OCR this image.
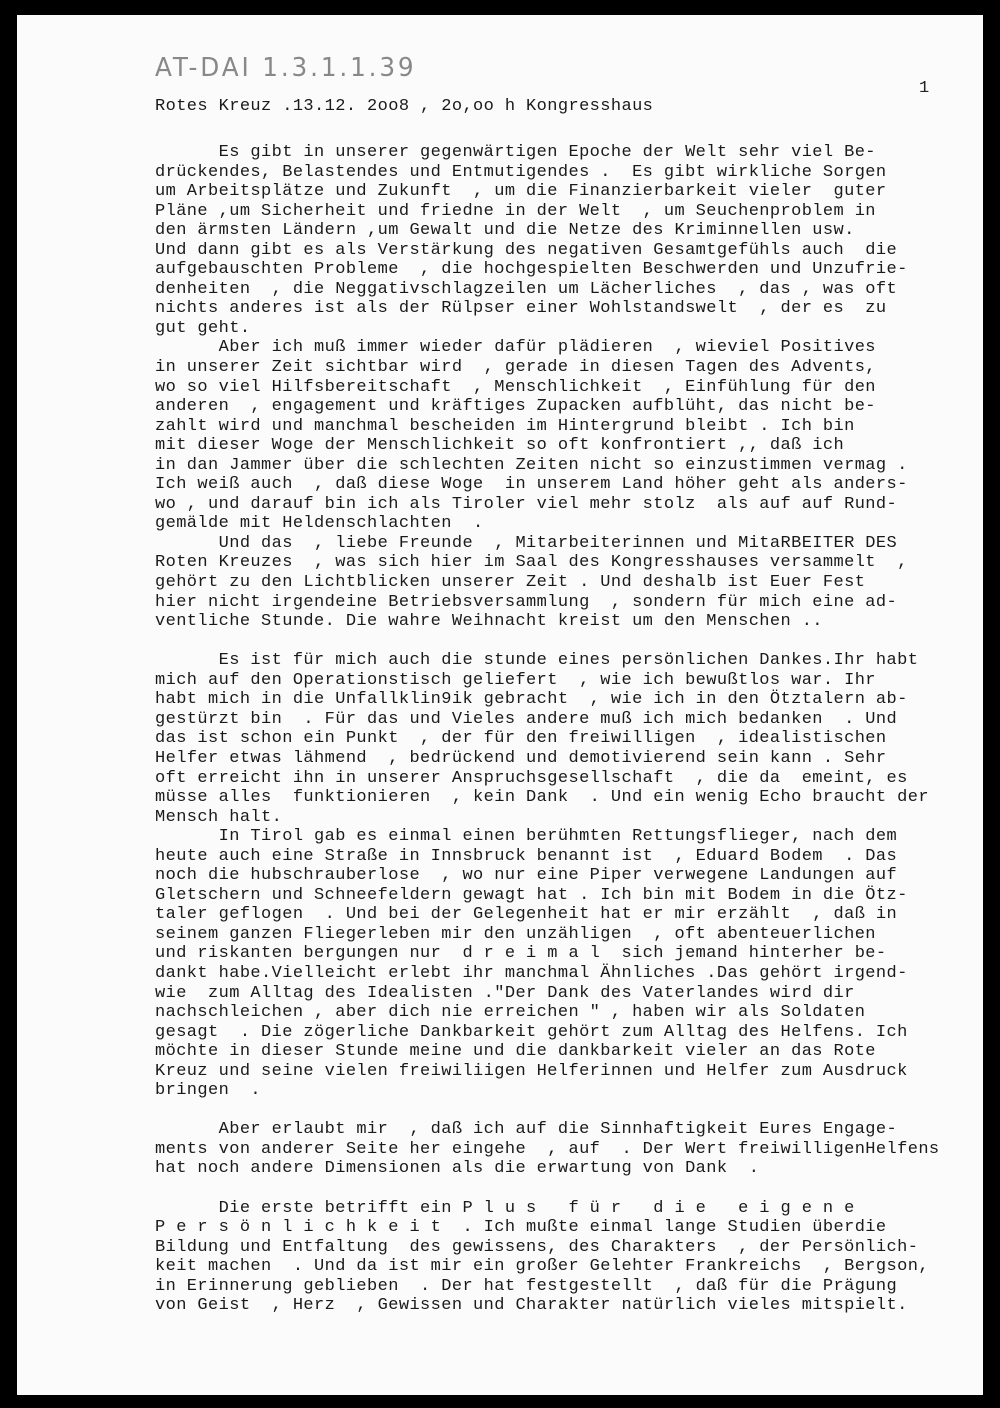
AT-DAI 1.3.1.1.39
1
Rotes Kreuz .13.12. 2oo8 , 2o,oo h Kongresshaus
Es gibt in unserer gegenwärtigen Epoche der Welt sehr viel Be-
drückendes, Belastendes und Entmutigendes .  Es gibt wirkliche Sorgen
um Arbeitsplätze und Zukunft  , um die Finanzierbarkeit vieler  guter
Pläne ,um Sicherheit und friedne in der Welt  , um Seuchenproblem in
den ärmsten Ländern ,um Gewalt und die Netze des Kriminnellen usw.
Und dann gibt es als Verstärkung des negativen Gesamtgefühls auch  die
aufgebauschten Probleme  , die hochgespielten Beschwerden und Unzufrie-
denheiten  , die Neggativschlagzeilen um Lächerliches  , das , was oft
nichts anderes ist als der Rülpser einer Wohlstandswelt  , der es  zu
gut geht.
Aber ich muß immer wieder dafür plädieren  , wieviel Positives
in unserer Zeit sichtbar wird  , gerade in diesen Tagen des Advents,
wo so viel Hilfsbereitschaft  , Menschlichkeit  , Einfühlung für den
anderen  , engagement und kräftiges Zupacken aufblüht, das nicht be-
zahlt wird und manchmal bescheiden im Hintergrund bleibt . Ich bin
mit dieser Woge der Menschlichkeit so oft konfrontiert ,, daß ich
in dan Jammer über die schlechten Zeiten nicht so einzustimmen vermag .
Ich weiß auch  , daß diese Woge  in unserem Land höher geht als anders-
wo , und darauf bin ich als Tiroler viel mehr stolz  als auf auf Rund-
gemälde mit Heldenschlachten  .
Und das  , liebe Freunde  , Mitarbeiterinnen und MitaRBEITER DES
Roten Kreuzes  , was sich hier im Saal des Kongresshauses versammelt  ,
gehört zu den Lichtblicken unserer Zeit . Und deshalb ist Euer Fest
hier nicht irgendeine Betriebsversammlung  , sondern für mich eine ad-
ventliche Stunde. Die wahre Weihnacht kreist um den Menschen ..
Es ist für mich auch die stunde eines persönlichen Dankes.Ihr habt
mich auf den Operationstisch geliefert  , wie ich bewußtlos war. Ihr
habt mich in die Unfallklin9ik gebracht  , wie ich in den Ötztalern ab-
gestürzt bin  . Für das und Vieles andere muß ich mich bedanken  . Und
das ist schon ein Punkt  , der für den freiwilligen  , idealistischen
Helfer etwas lähmend  , bedrückend und demotivierend sein kann . Sehr
oft erreicht ihn in unserer Anspruchsgesellschaft  , die da  emeint, es
müsse alles  funktionieren  , kein Dank  . Und ein wenig Echo braucht der
Mensch halt.
In Tirol gab es einmal einen berühmten Rettungsflieger, nach dem
heute auch eine Straße in Innsbruck benannt ist  , Eduard Bodem  . Das
noch die hubschrauberlose  , wo nur eine Piper verwegene Landungen auf
Gletschern und Schneefeldern gewagt hat . Ich bin mit Bodem in die Ötz-
taler geflogen  . Und bei der Gelegenheit hat er mir erzählt  , daß in
seinem ganzen Fliegerleben mir den unzähligen  , oft abenteuerlichen
und riskanten bergungen nur  d r e i m a l  sich jemand hinterher be-
dankt habe.Vielleicht erlebt ihr manchmal Ähnliches .Das gehört irgend-
wie  zum Alltag des Idealisten ."Der Dank des Vaterlandes wird dir
nachschleichen , aber dich nie erreichen " , haben wir als Soldaten
gesagt  . Die zögerliche Dankbarkeit gehört zum Alltag des Helfens. Ich
möchte in dieser Stunde meine und die dankbarkeit vieler an das Rote
Kreuz und seine vielen freiwiliigen Helferinnen und Helfer zum Ausdruck
bringen  .
Aber erlaubt mir  , daß ich auf die Sinnhaftigkeit Eures Engage-
ments von anderer Seite her eingehe  , auf  . Der Wert freiwilligenHelfens
hat noch andere Dimensionen als die erwartung von Dank  .
Die erste betrifft ein P l u s   f ü r   d i e   e i g e n e
P e r s ö n l i c h k e i t  . Ich mußte einmal lange Studien überdie
Bildung und Entfaltung  des gewissens, des Charakters  , der Persönlich-
keit machen  . Und da ist mir ein großer Gelehter Frankreichs  , Bergson,
in Erinnerung geblieben  . Der hat festgestellt  , daß für die Prägung
von Geist  , Herz  , Gewissen und Charakter natürlich vieles mitspielt.
